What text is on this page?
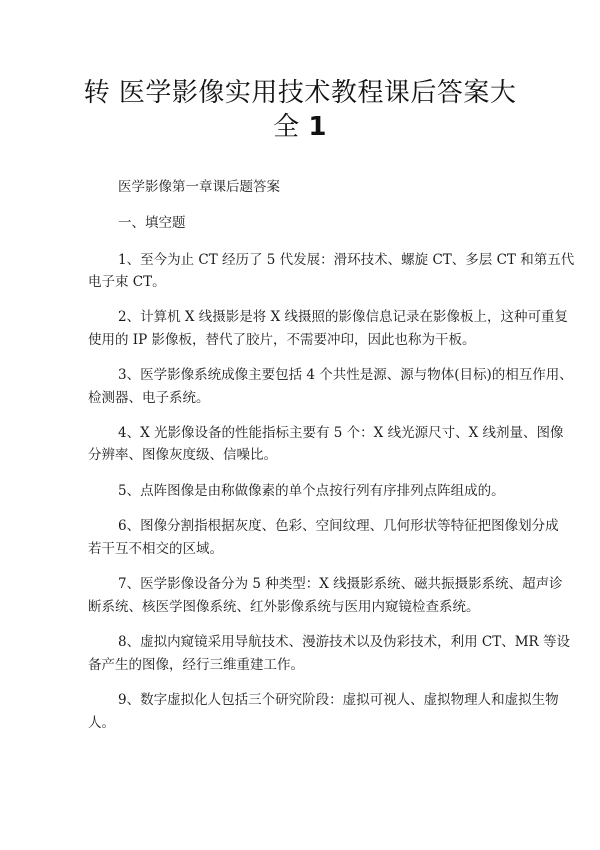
转 医学影像实用技术教程课后答案大
全 1

医学影像第一章课后题答案

一、填空题

1、至今为止 CT 经历了 5 代发展：滑环技术、螺旋 CT、多层 CT 和第五代

电子束 CT。

2、计算机 X 线摄影是将 X 线摄照的影像信息记录在影像板上，这种可重复

使用的 IP 影像板，替代了胶片，不需要冲印，因此也称为干板。

3、医学影像系统成像主要包括 4 个共性是源、源与物体(目标)的相互作用、

检测器、电子系统。

4、X 光影像设备的性能指标主要有 5 个：X 线光源尺寸、X 线剂量、图像

分辨率、图像灰度级、信噪比。

5、点阵图像是由称做像素的单个点按行列有序排列点阵组成的。

6、图像分割指根据灰度、色彩、空间纹理、几何形状等特征把图像划分成

若干互不相交的区域。

7、医学影像设备分为 5 种类型：X 线摄影系统、磁共振摄影系统、超声诊

断系统、核医学图像系统、红外影像系统与医用内窥镜检查系统。

8、虚拟内窥镜采用导航技术、漫游技术以及伪彩技术，利用 CT、MR 等设

备产生的图像，经行三维重建工作。

9、数字虚拟化人包括三个研究阶段：虚拟可视人、虚拟物理人和虚拟生物

人。
